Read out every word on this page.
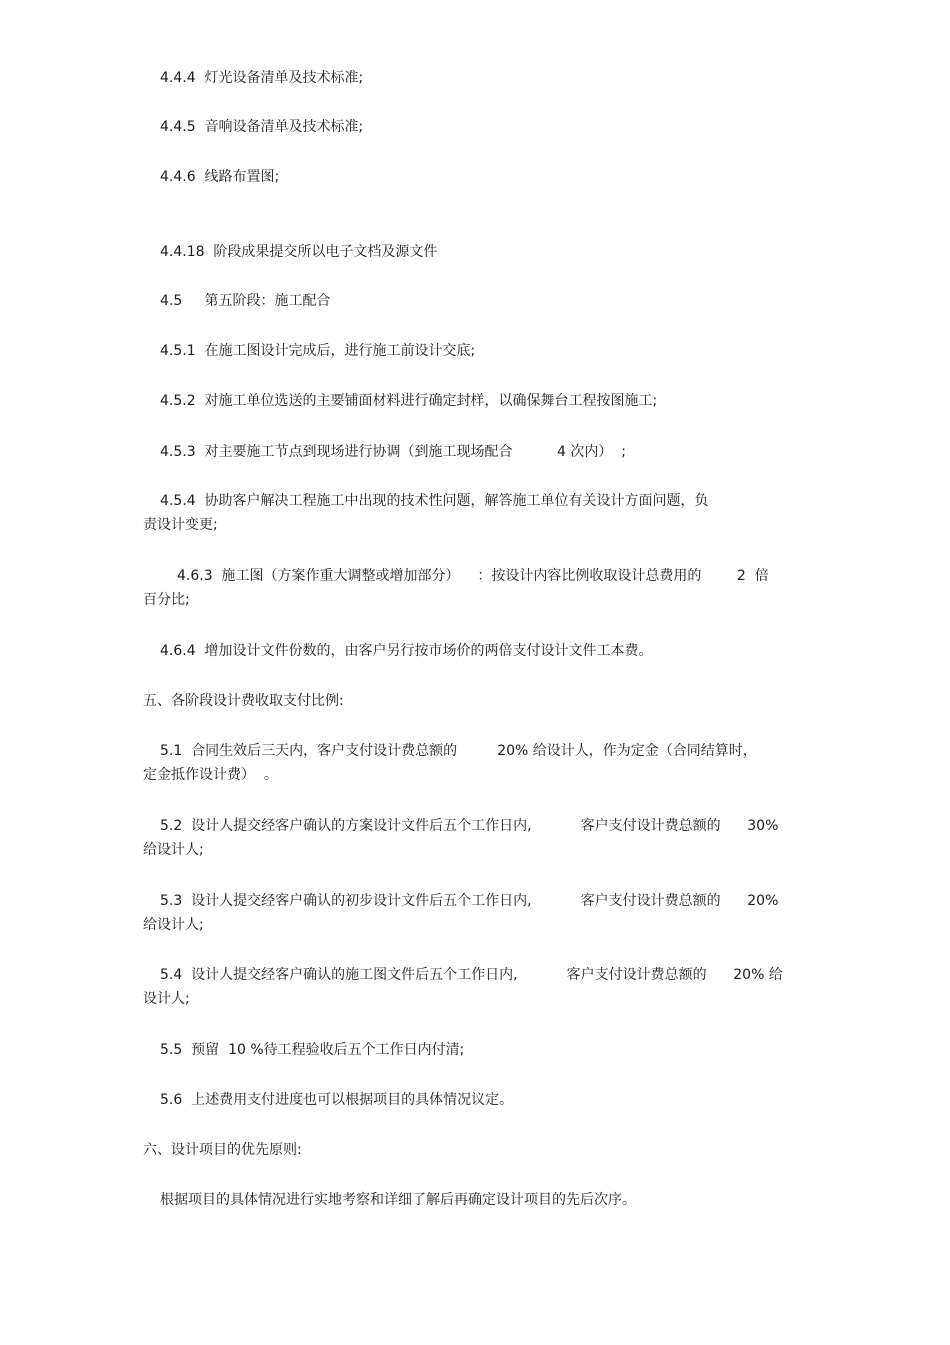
4.4.4  灯光设备清单及技术标准;
4.4.5  音响设备清单及技术标准;
4.4.6  线路布置图;
4.4.18  阶段成果提交所以电子文档及源文件
4.5     第五阶段：施工配合
4.5.1  在施工图设计完成后，进行施工前设计交底;
4.5.2  对施工单位选送的主要铺面材料进行确定封样，以确保舞台工程按图施工;
4.5.3  对主要施工节点到现场进行协调（到施工现场配合          4 次内）  ;
4.5.4  协助客户解决工程施工中出现的技术性问题，解答施工单位有关设计方面问题，负
责设计变更;
4.6.3  施工图（方案作重大调整或增加部分）    ：按设计内容比例收取设计总费用的        2  倍
百分比;
4.6.4  增加设计文件份数的，由客户另行按市场价的两倍支付设计文件工本费。
五、各阶段设计费收取支付比例:
5.1  合同生效后三天内，客户支付设计费总额的         20% 给设计人，作为定金（合同结算时，
定金抵作设计费）  。
5.2  设计人提交经客户确认的方案设计文件后五个工作日内,           客户支付设计费总额的      30%
给设计人;
5.3  设计人提交经客户确认的初步设计文件后五个工作日内,           客户支付设计费总额的      20%
给设计人;
5.4  设计人提交经客户确认的施工图文件后五个工作日内,           客户支付设计费总额的      20% 给
设计人;
5.5  预留  10 %待工程验收后五个工作日内付清;
5.6  上述费用支付进度也可以根据项目的具体情况议定。
六、设计项目的优先原则:
根据项目的具体情况进行实地考察和详细了解后再确定设计项目的先后次序。
